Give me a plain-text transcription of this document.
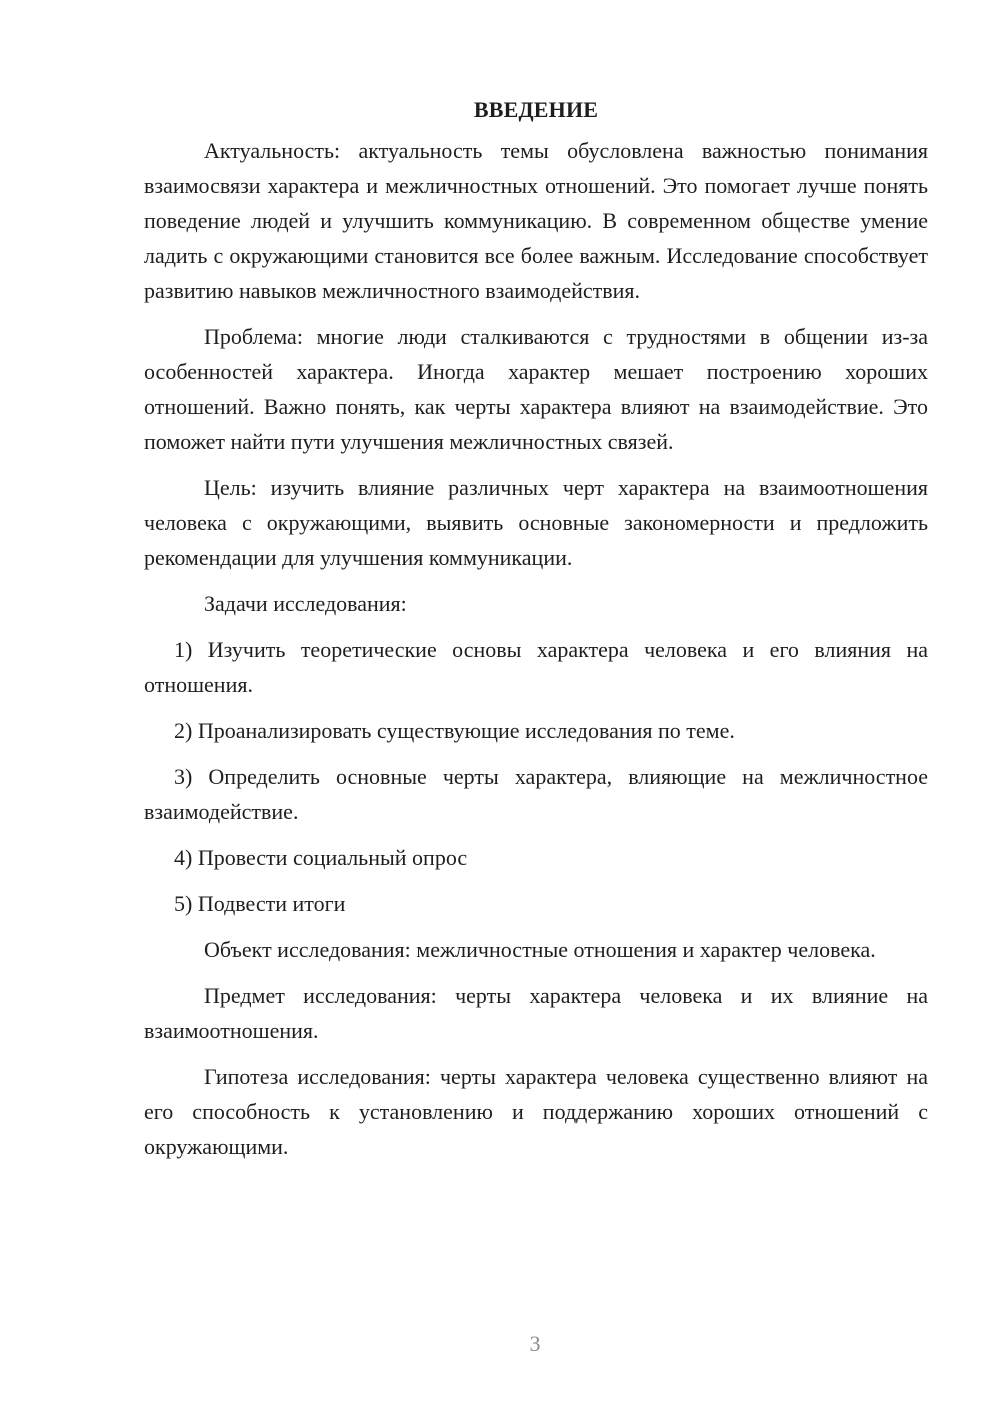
ВВЕДЕНИЕ

Актуальность: актуальность темы обусловлена важностью понимания взаимосвязи характера и межличностных отношений. Это помогает лучше понять поведение людей и улучшить коммуникацию. В современном обществе умение ладить с окружающими становится все более важным. Исследование способствует развитию навыков межличностного взаимодействия.

Проблема: многие люди сталкиваются с трудностями в общении из-за особенностей характера. Иногда характер мешает построению хороших отношений. Важно понять, как черты характера влияют на взаимодействие. Это поможет найти пути улучшения межличностных связей.

Цель: изучить влияние различных черт характера на взаимоотношения человека с окружающими, выявить основные закономерности и предложить рекомендации для улучшения коммуникации.

Задачи исследования:

1) Изучить теоретические основы характера человека и его влияния на отношения.

2) Проанализировать существующие исследования по теме.

3) Определить основные черты характера, влияющие на межличностное взаимодействие.

4) Провести социальный опрос

5) Подвести итоги

Объект исследования: межличностные отношения и характер человека.

Предмет исследования: черты характера человека и их влияние на взаимоотношения.

Гипотеза исследования: черты характера человека существенно влияют на его способность к установлению и поддержанию хороших отношений с окружающими.

3
